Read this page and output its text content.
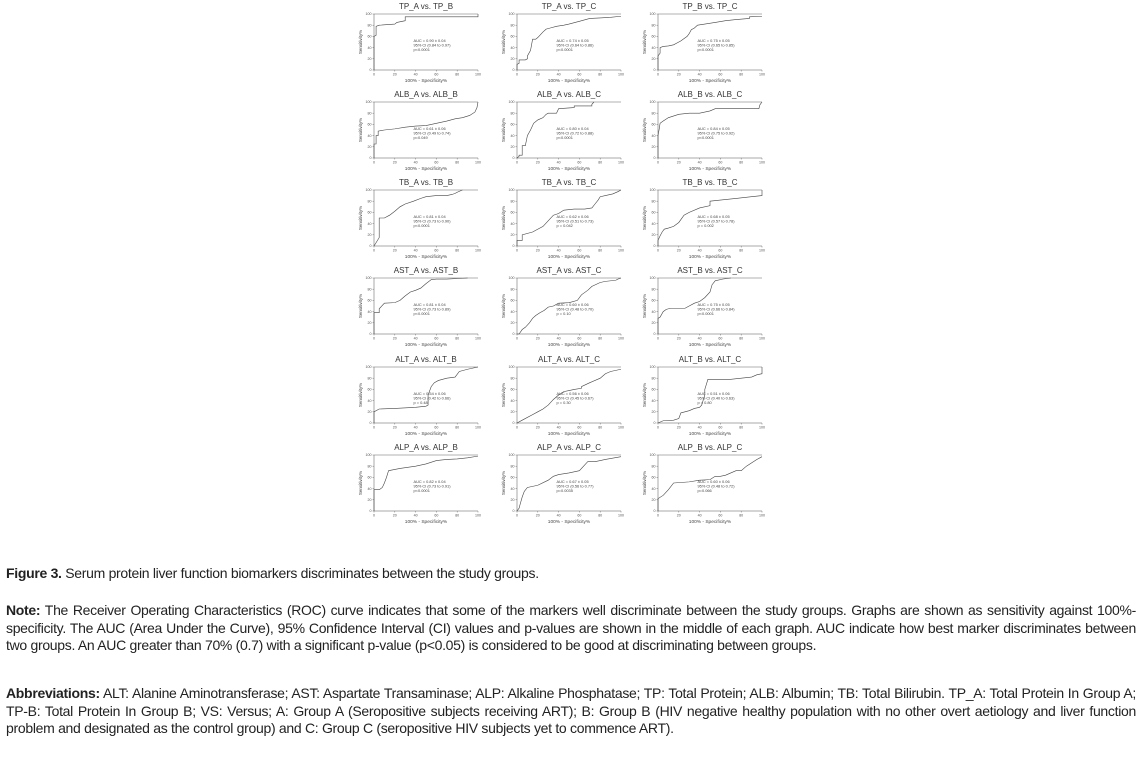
TP_A vs. TP_B
0	20	40	60	80	100
0
20
40
60
80
100
100% - Specificity%
Sensitivity%	AUC = 0.90 ± 0.04
95% CI (0.84 to 0.97)
p<0.0001
TP_A vs. TP_C
0	20	40	60	80	100
0
20
40
60
80
100
100% - Specificity%
Sensitivity%	AUC = 0.74 ± 0.05
95% CI (0.64 to 0.86)
p<0.0001
TP_B vs. TP_C
0	20	40	60	80	100
0
20
40
60
80
100
100% - Specificity%
Sensitivity%	AUC = 0.75 ± 0.05
95% CI (0.65 to 0.85)
p<0.0001
ALB_A vs. ALB_B
0	20	40	60	80	100
0
20
40
60
80
100
100% - Specificity%
Sensitivity%	AUC = 0.61 ± 0.06
95% CI (0.49 to 0.74)
p=0.049
ALB_A vs. ALB_C
0	20	40	60	80	100
0
20
40
60
80
100
100% - Specificity%
Sensitivity%	AUC = 0.80 ± 0.04
95% CI (0.72 to 0.88)
p<0.0001
ALB_B vs. ALB_C
0	20	40	60	80	100
0
20
40
60
80
100
100% - Specificity%
Sensitivity%	AUC = 0.84 ± 0.05
95% CI (0.75 to 0.92)
p<0.0001
TB_A vs. TB_B
0	20	40	60	80	100
0
20
40
60
80
100
100% - Specificity%
Sensitivity%	AUC = 0.81 ± 0.04
95% CI (0.73 to 0.90)
p<0.0001
TB_A vs. TB_C
0	20	40	60	80	100
0
20
40
60
80
100
100% - Specificity%
Sensitivity%	AUC = 0.62 ± 0.06
95% CI (0.51 to 0.73)
p = 0.042
TB_B vs. TB_C
0	20	40	60	80	100
0
20
40
60
80
100
100% - Specificity%
Sensitivity%	AUC = 0.68 ± 0.05
95% CI (0.57 to 0.78)
p = 0.002
AST_A vs. AST_B
0	20	40	60	80	100
0
20
40
60
80
100
100% - Specificity%
Sensitivity%	AUC = 0.81 ± 0.04
95% CI (0.73 to 0.89)
p<0.0001
AST_A vs. AST_C
0	20	40	60	80	100
0
20
40
60
80
100
100% - Specificity%
Sensitivity%	AUC = 0.60 ± 0.06
95% CI (0.48 to 0.70)
p = 0.10
AST_B vs. AST_C
0	20	40	60	80	100
0
20
40
60
80
100
100% - Specificity%
Sensitivity%	AUC = 0.75 ± 0.05
95% CI (0.66 to 0.84)
p<0.0001
ALT_A vs. ALT_B
0	20	40	60	80	100
0
20
40
60
80
100
100% - Specificity%
Sensitivity%	AUC = 0.54 ± 0.06
95% CI (0.42 to 0.66)
p = 0.48
ALT_A vs. ALT_C
0	20	40	60	80	100
0
20
40
60
80
100
100% - Specificity%
Sensitivity%	AUC = 0.56 ± 0.06
95% CI (0.45 to 0.67)
p = 0.30
ALT_B vs. ALT_C
0	20	40	60	80	100
0
20
40
60
80
100
100% - Specificity%
Sensitivity%	AUC = 0.51 ± 0.06
95% CI (0.40 to 0.63)
p = 0.80
ALP_A vs. ALP_B
0	20	40	60	80	100
0
20
40
60
80
100
100% - Specificity%
Sensitivity%	AUC = 0.82 ± 0.04
95% CI (0.73 to 0.91)
p<0.0001
ALP_A vs. ALP_C
0	20	40	60	80	100
0
20
40
60
80
100
100% - Specificity%
Sensitivity%	AUC = 0.67 ± 0.05
95% CI (0.56 to 0.77)
p=0.0035
ALP_B vs. ALP_C
0	20	40	60	80	100
0
20
40
60
80
100
100% - Specificity%
Sensitivity%	AUC = 0.60 ± 0.06
95% CI (0.48 to 0.72)
p=0.066
Figure 3. Serum protein liver function biomarkers discriminates between the study groups.
Note: The Receiver Operating Characteristics (ROC) curve indicates that some of the markers well discriminate between the study groups. Graphs are shown as sensitivity against 100%-specificity. The AUC (Area Under the Curve), 95% Confidence Interval (CI) values and p-values are shown in the middle of each graph. AUC indicate how best marker discriminates between two groups. An AUC greater than 70% (0.7) with a significant p-value (p<0.05) is considered to be good at discriminating between groups.
Abbreviations: ALT: Alanine Aminotransferase; AST: Aspartate Transaminase; ALP: Alkaline Phosphatase; TP: Total Protein; ALB: Albumin; TB: Total Bilirubin. TP_A: Total Protein In Group A; TP-B: Total Protein In Group B; VS: Versus; A: Group A (Seropositive subjects receiving ART); B: Group B (HIV negative healthy population with no other overt aetiology and liver function problem and designated as the control group) and C: Group C (seropositive HIV subjects yet to commence ART).
